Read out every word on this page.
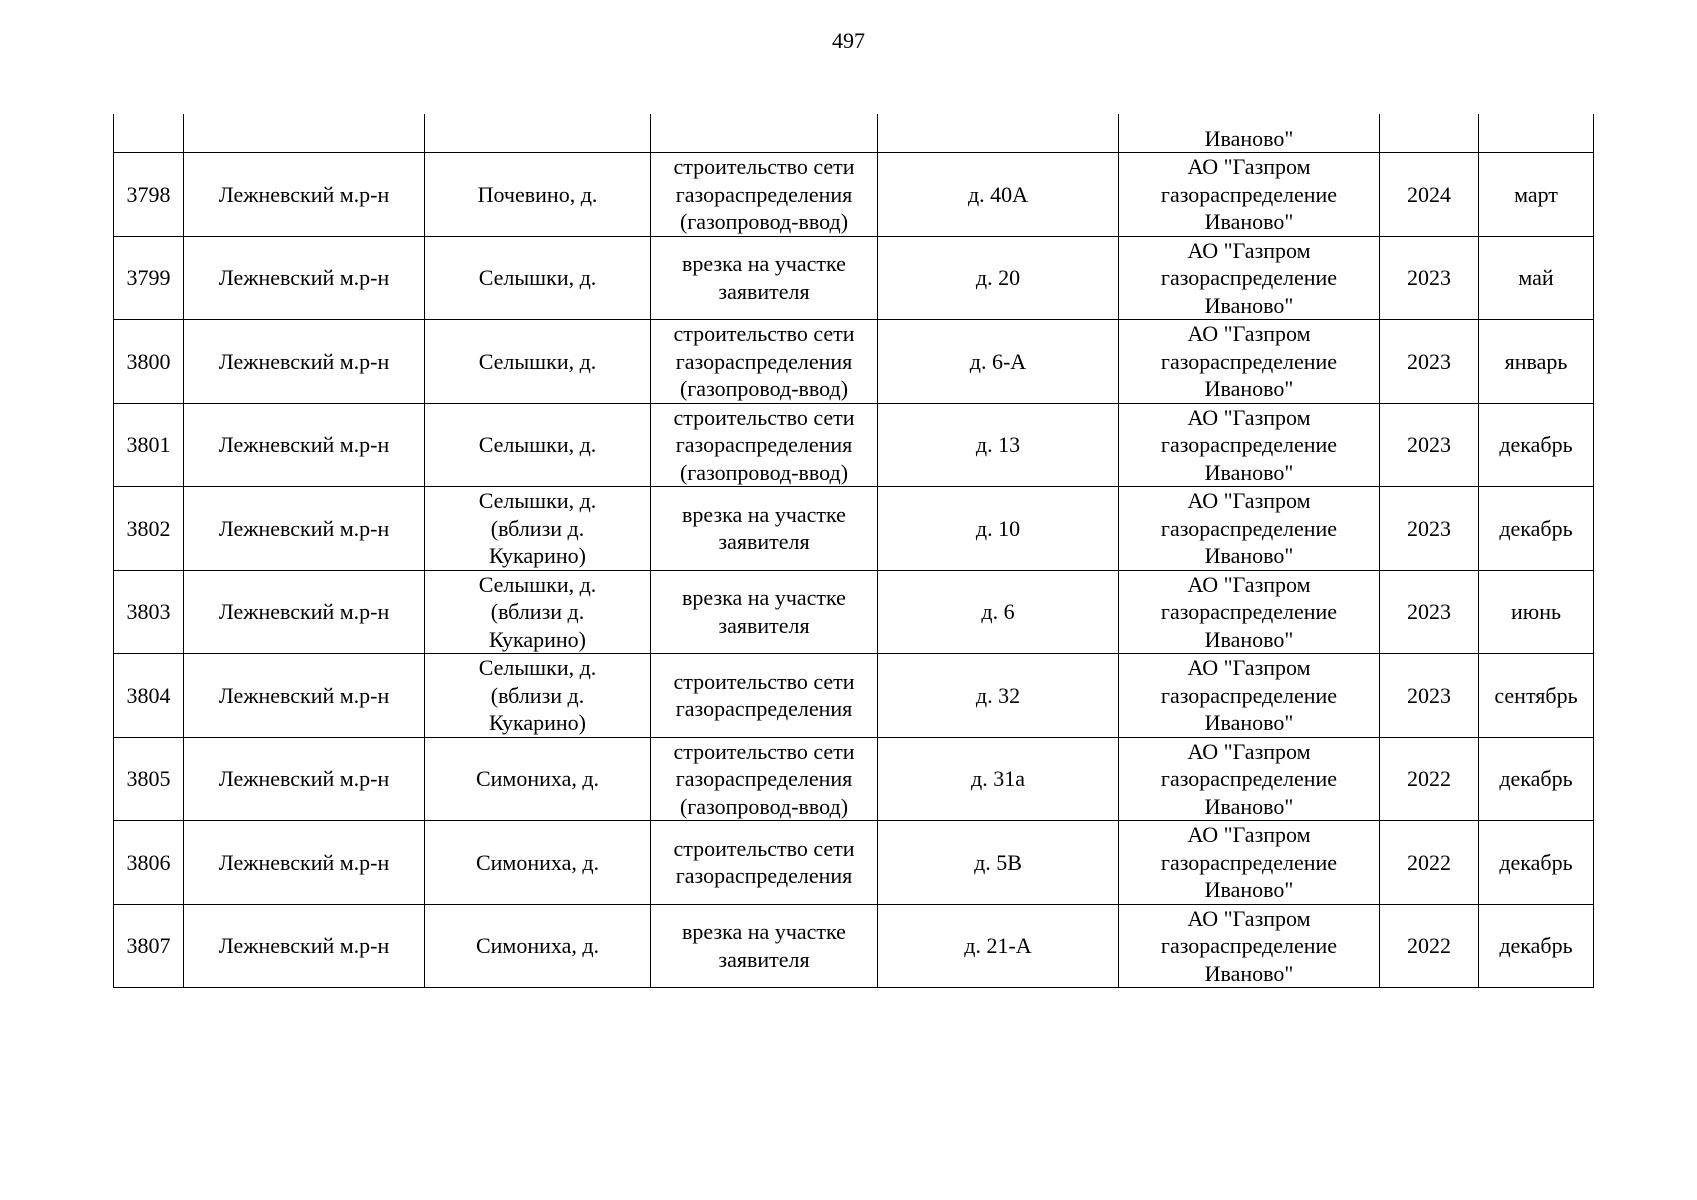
497
					Иваново"		
3798	Лежневский м.р-н	Почевино, д.	строительство сети
газораспределения
(газопровод-ввод)	д. 40А	АО "Газпром
газораспределение
Иваново"	2024	март
3799	Лежневский м.р-н	Селышки, д.	врезка на участке
заявителя	д. 20	АО "Газпром
газораспределение
Иваново"	2023	май
3800	Лежневский м.р-н	Селышки, д.	строительство сети
газораспределения
(газопровод-ввод)	д. 6-А	АО "Газпром
газораспределение
Иваново"	2023	январь
3801	Лежневский м.р-н	Селышки, д.	строительство сети
газораспределения
(газопровод-ввод)	д. 13	АО "Газпром
газораспределение
Иваново"	2023	декабрь
3802	Лежневский м.р-н	Селышки, д.
(вблизи д.
Кукарино)	врезка на участке
заявителя	д. 10	АО "Газпром
газораспределение
Иваново"	2023	декабрь
3803	Лежневский м.р-н	Селышки, д.
(вблизи д.
Кукарино)	врезка на участке
заявителя	д. 6	АО "Газпром
газораспределение
Иваново"	2023	июнь
3804	Лежневский м.р-н	Селышки, д.
(вблизи д.
Кукарино)	строительство сети
газораспределения	д. 32	АО "Газпром
газораспределение
Иваново"	2023	сентябрь
3805	Лежневский м.р-н	Симониха, д.	строительство сети
газораспределения
(газопровод-ввод)	д. 31а	АО "Газпром
газораспределение
Иваново"	2022	декабрь
3806	Лежневский м.р-н	Симониха, д.	строительство сети
газораспределения	д. 5В	АО "Газпром
газораспределение
Иваново"	2022	декабрь
3807	Лежневский м.р-н	Симониха, д.	врезка на участке
заявителя	д. 21-А	АО "Газпром
газораспределение
Иваново"	2022	декабрь
